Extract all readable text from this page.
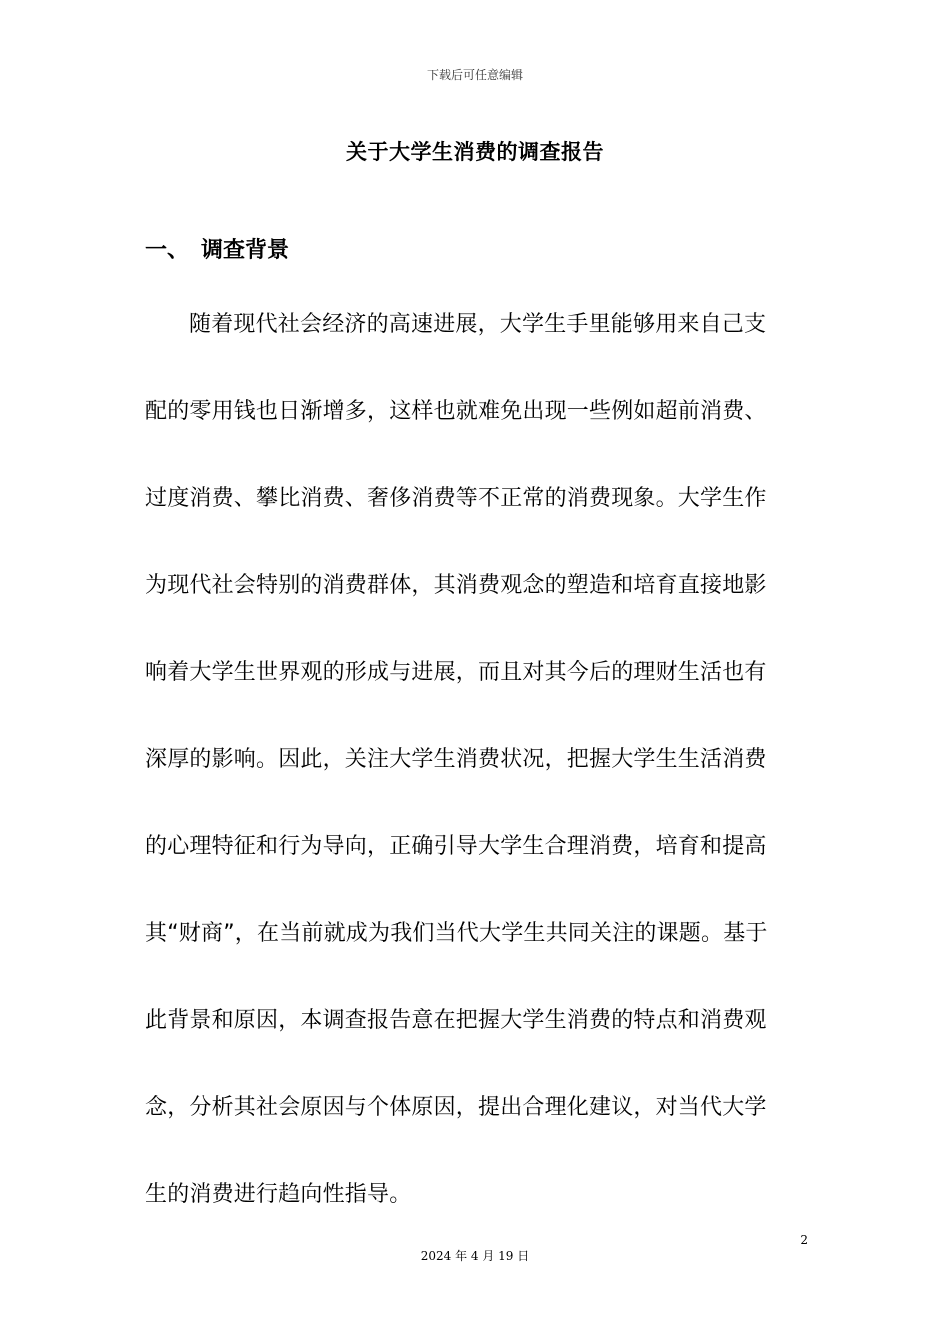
下载后可任意编辑
关于大学生消费的调查报告
一、 调查背景
随着现代社会经济的高速进展，大学生手里能够用来自己支
配的零用钱也日渐增多，这样也就难免出现一些例如超前消费、
过度消费、攀比消费、奢侈消费等不正常的消费现象。大学生作
为现代社会特别的消费群体，其消费观念的塑造和培育直接地影
响着大学生世界观的形成与进展，而且对其今后的理财生活也有
深厚的影响。因此，关注大学生消费状况，把握大学生生活消费
的心理特征和行为导向，正确引导大学生合理消费，培育和提高
其“财商”，在当前就成为我们当代大学生共同关注的课题。基于
此背景和原因，本调查报告意在把握大学生消费的特点和消费观
念，分析其社会原因与个体原因，提出合理化建议，对当代大学
生的消费进行趋向性指导。
2
2024 年 4 月 19 日
